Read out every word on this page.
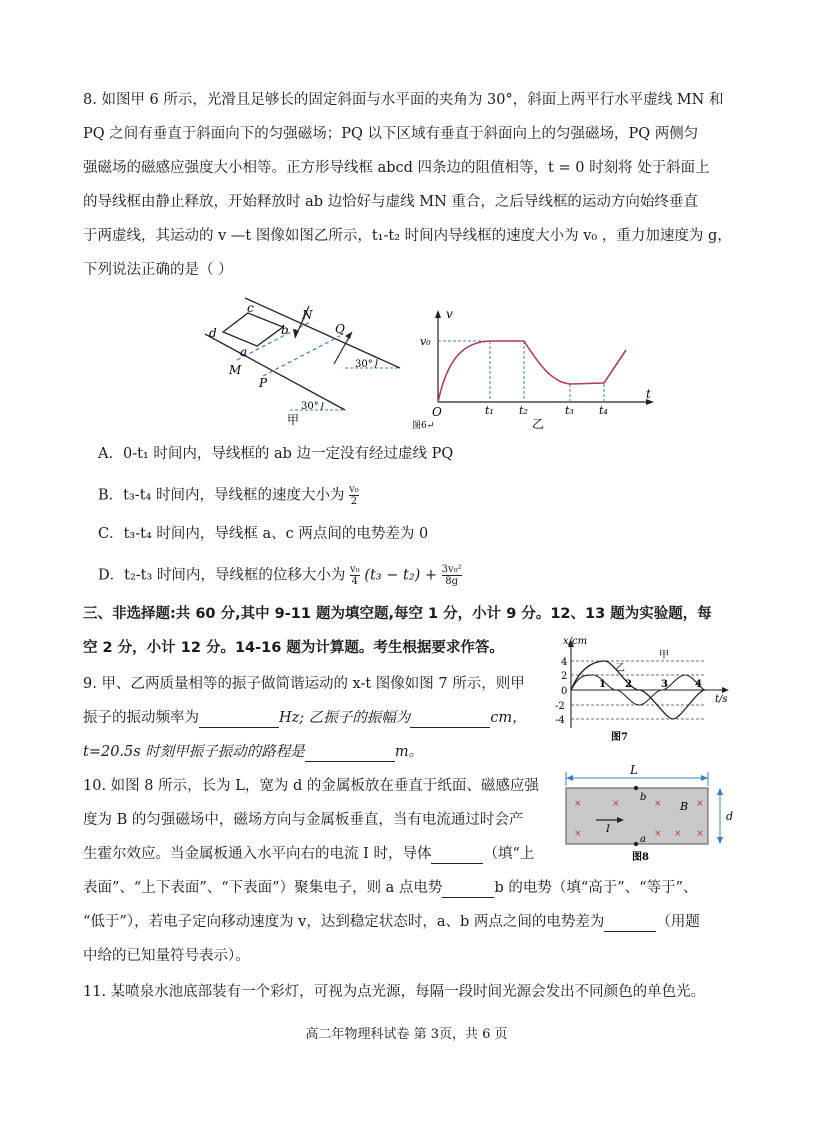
8. 如图甲 6 所示，光滑且足够长的固定斜面与水平面的夹角为 30°，斜面上两平行水平虚线 MN 和
PQ 之间有垂直于斜面向下的匀强磁场；PQ 以下区域有垂直于斜面向上的匀强磁场，PQ 两侧匀
强磁场的磁感应强度大小相等。正方形导线框 abcd 四条边的阻值相等，t = 0 时刻将 处于斜面上
的导线框由静止释放，开始释放时 ab 边恰好与虚线 MN 重合，之后导线框的运动方向始终垂直
于两虚线，其运动的 v —t 图像如图乙所示，t₁-t₂ 时间内导线框的速度大小为 v₀ ，重力加速度为 g，
下列说法正确的是（ ）
c
d
a
b
N
Q
M
P
30°
30°
甲
v
t
O
v₀
t₁ t₂	t₃ t₄
图6↵	乙
A．0-t₁ 时间内，导线框的 ab 边一定没有经过虚线 PQ
B．t₃-t₄ 时间内，导线框的速度大小为 $\frac{\text{v₀}}{2}$
C．t₃-t₄ 时间内，导线框 a、c 两点间的电势差为 0
D．t₂-t₃ 时间内，导线框的位移大小为 $\frac{\text{v₀}}{4} (t_3 - t_2) + \frac{\text{3v₀²}}{8g}$
三、非选择题:共 60 分,其中 9-11 题为填空题,每空 1 分，小计 9 分。12、13 题为实验题，每
空 2 分，小计 12 分。14-16 题为计算题。考生根据要求作答。
9. 甲、乙两质量相等的振子做简谐运动的 x-t 图像如图 7 所示，则甲
振子的振动频率为	Hz; 乙振子的振幅为	cm，
t=20.5s 时刻甲振子振动的路程是	m。
x/cm
t/s
0
4
2
-2
-4
1 2	3	4
甲
乙
图7
10. 如图 8 所示，长为 L，宽为 d 的金属板放在垂直于纸面、磁感应强
度为 B 的匀强磁场中，磁场方向与金属板垂直，当有电流通过时会产
生霍尔效应。当金属板通入水平向右的电流 I 时，导体	（填“上
表面”、“上下表面”、“下表面”）聚集电子，则 a 点电势	b 的电势（填“高于”、“等于”、
“低于”），若电子定向移动速度为 v，达到稳定状态时，a、b 两点之间的电势差为	（用题
中给的已知量符号表示）。
×	×	×	×
×	× × ×
L
d
B
I
b
a
图8
11. 某喷泉水池底部装有一个彩灯，可视为点光源，每隔一段时间光源会发出不同颜色的单色光。
高二年物理科试卷 第 3页，共 6 页
